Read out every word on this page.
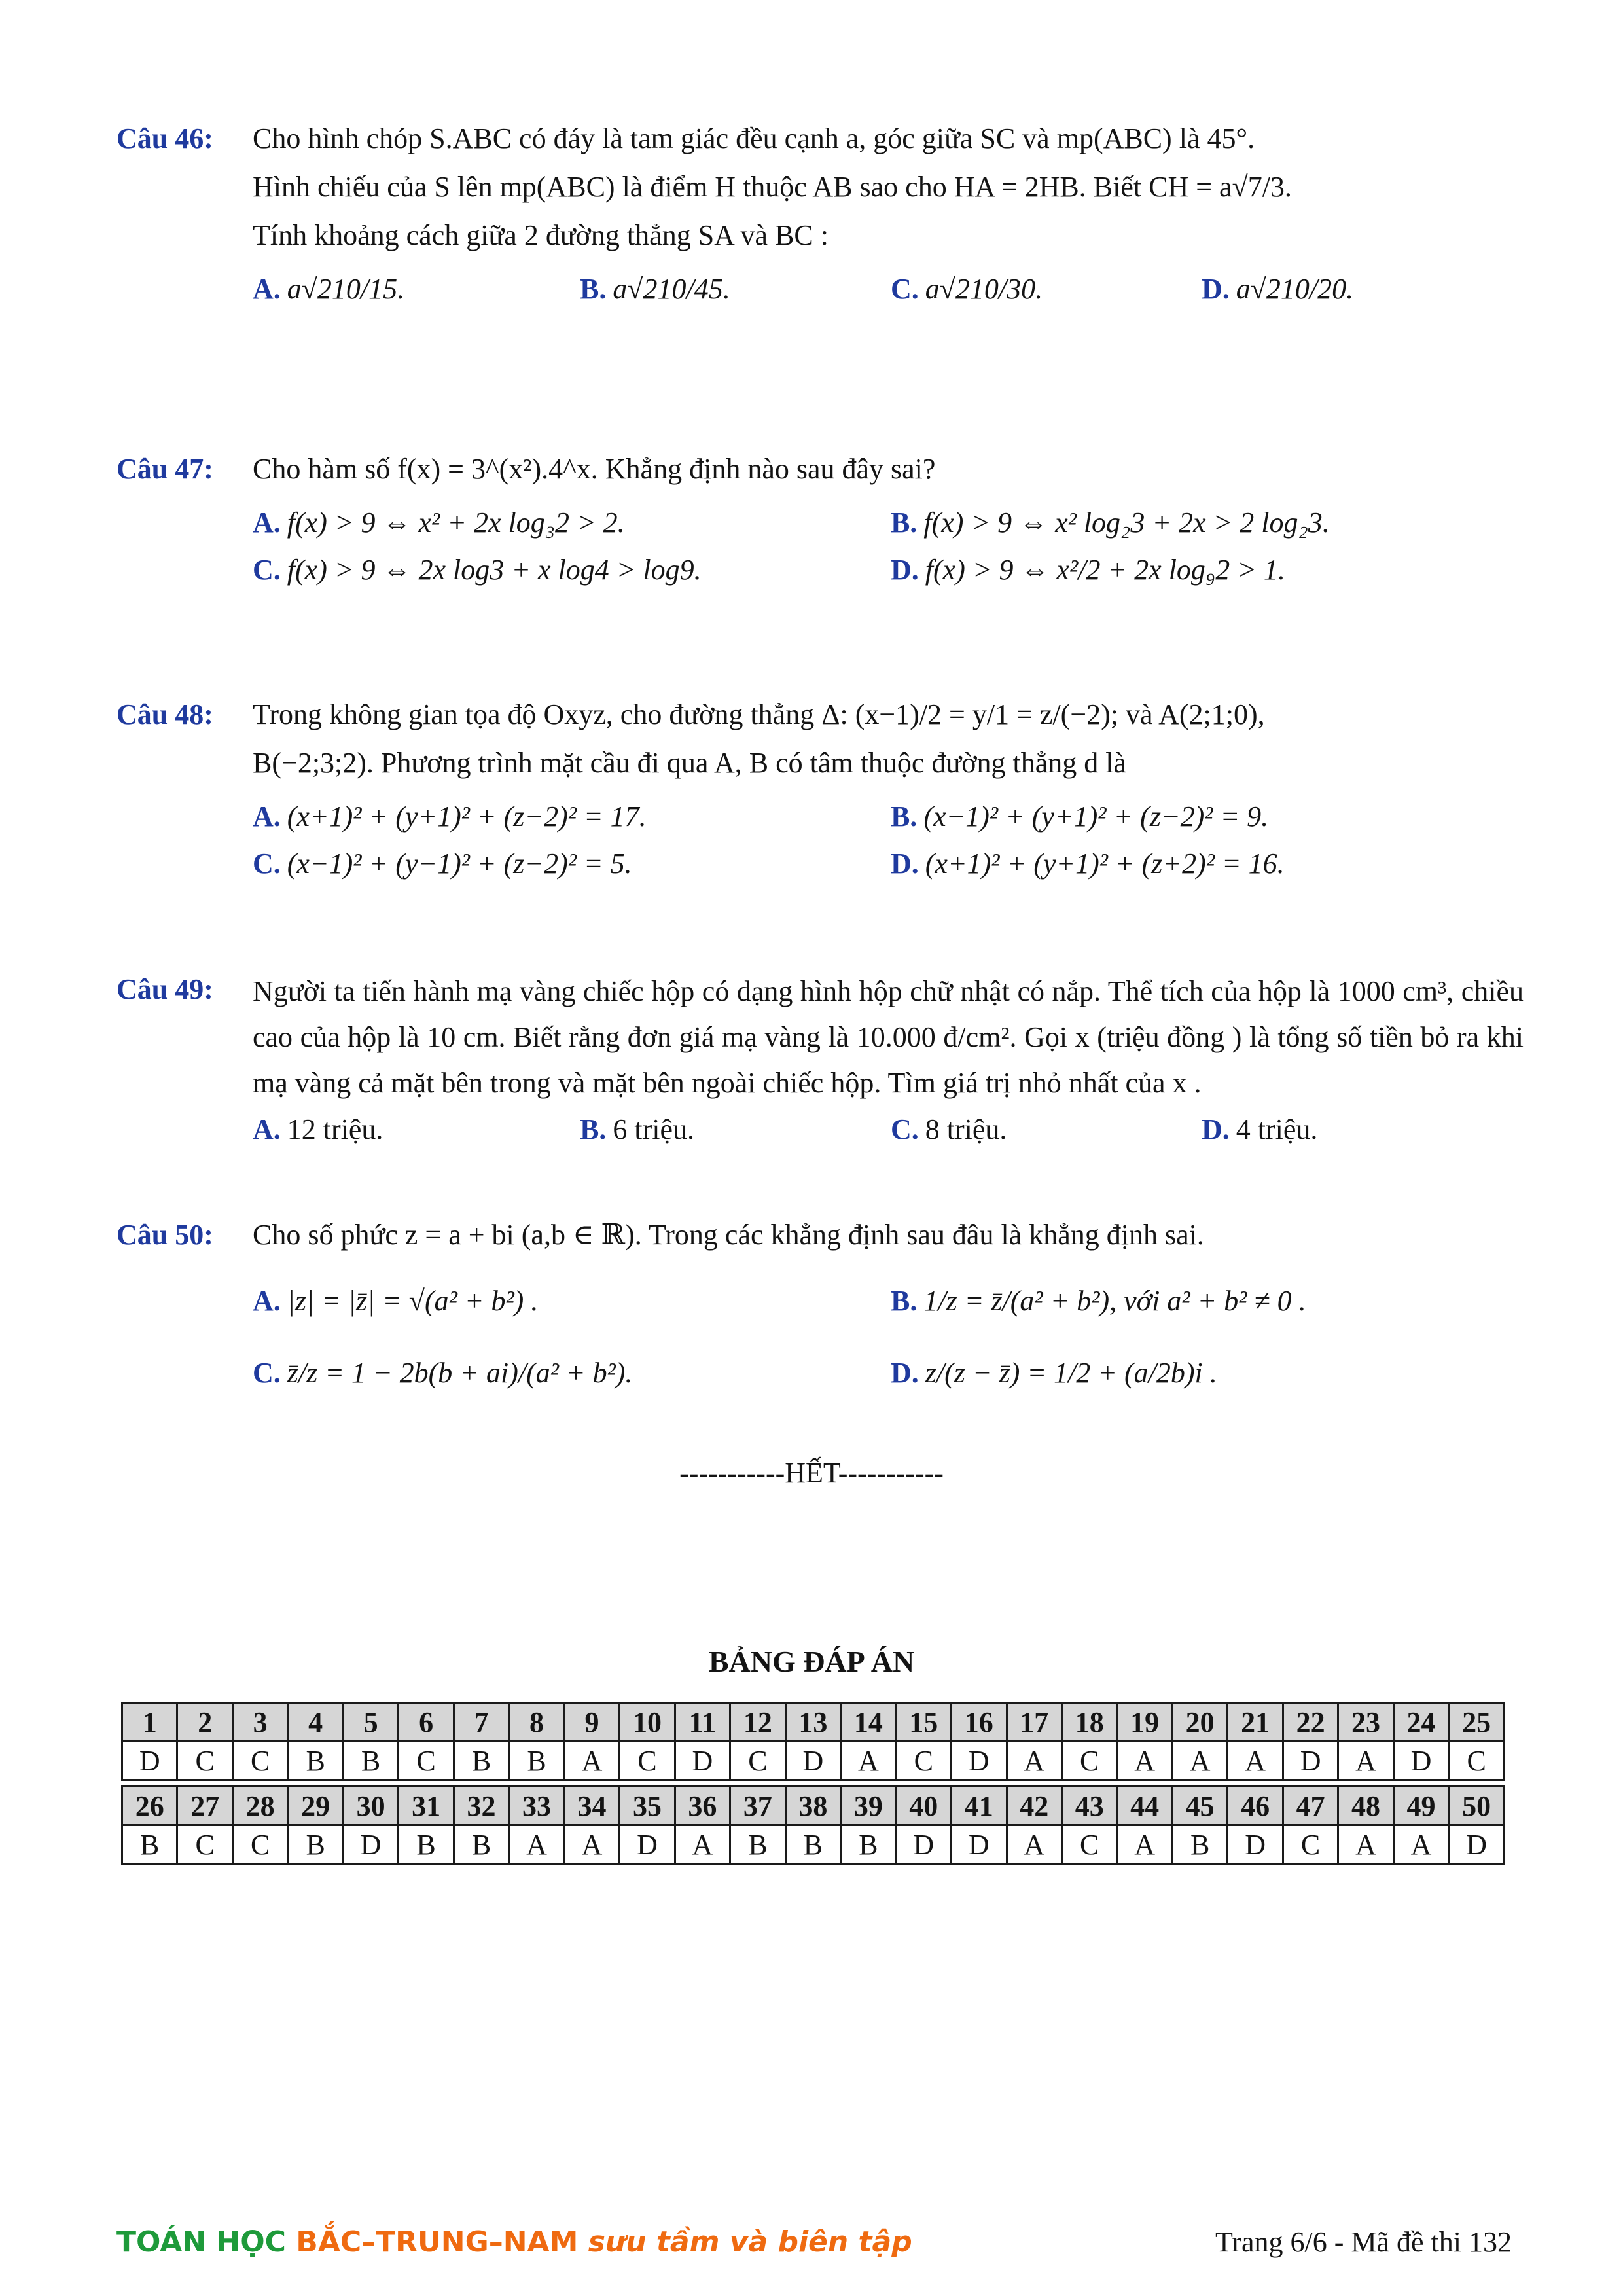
Câu 46:	Cho hình chóp S.ABC có đáy là tam giác đều cạnh a, góc giữa SC và mp(ABC) là 45°.

Hình chiếu của S lên mp(ABC) là điểm H thuộc AB sao cho HA = 2HB. Biết CH = a√7/3.

Tính khoảng cách giữa 2 đường thẳng SA và BC :

A. a√210/15.	B. a√210/45.	C. a√210/30.	D. a√210/20.
Câu 47:	Cho hàm số f(x) = 3^(x²).4^x. Khẳng định nào sau đây sai?

A. f(x) > 9 ⇔ x² + 2x log₃2 > 2.	B. f(x) > 9 ⇔ x² log₂3 + 2x > 2 log₂3.
C. f(x) > 9 ⇔ 2x log3 + x log4 > log9.	D. f(x) > 9 ⇔ x²/2 + 2x log₉2 > 1.
Câu 48:	Trong không gian tọa độ Oxyz, cho đường thẳng Δ: (x−1)/2 = y/1 = z/(−2); và A(2;1;0),

B(−2;3;2). Phương trình mặt cầu đi qua A, B có tâm thuộc đường thẳng d là

A. (x+1)² + (y+1)² + (z−2)² = 17.	B. (x−1)² + (y+1)² + (z−2)² = 9.
C. (x−1)² + (y−1)² + (z−2)² = 5.	D. (x+1)² + (y+1)² + (z+2)² = 16.
Câu 49:	Người ta tiến hành mạ vàng chiếc hộp có dạng hình hộp chữ nhật có nắp. Thể tích của hộp là 1000 cm³, chiều cao của hộp là 10 cm. Biết rằng đơn giá mạ vàng là 10.000 đ/cm². Gọi x (triệu đồng ) là tổng số tiền bỏ ra khi mạ vàng cả mặt bên trong và mặt bên ngoài chiếc hộp. Tìm giá trị nhỏ nhất của x .

A. 12 triệu.	B. 6 triệu.	C. 8 triệu.	D. 4 triệu.
Câu 50:	Cho số phức z = a + bi (a,b ∈ ℝ). Trong các khẳng định sau đâu là khẳng định sai.

A. |z| = |z̄| = √(a² + b²) .	B. 1/z = z̄/(a² + b²), với a² + b² ≠ 0 .
C. z̄/z = 1 − 2b(b + ai)/(a² + b²).	D. z/(z − z̄) = 1/2 + (a/2b)i .
-----------HẾT-----------
BẢNG ĐÁP ÁN
1	2	3	4	5	6	7	8	9	10	11	12	13	14	15	16	17	18	19	20	21	22	23	24	25
D	C	C	B	B	C	B	B	A	C	D	C	D	A	C	D	A	C	A	A	A	D	A	D	C
26	27	28	29	30	31	32	33	34	35	36	37	38	39	40	41	42	43	44	45	46	47	48	49	50
B	C	C	B	D	B	B	A	A	D	A	B	B	B	D	D	A	C	A	B	D	C	A	A	D
TOÁN HỌC BẮC–TRUNG–NAM sưu tầm và biên tập	Trang 6/6 - Mã đề thi 132
